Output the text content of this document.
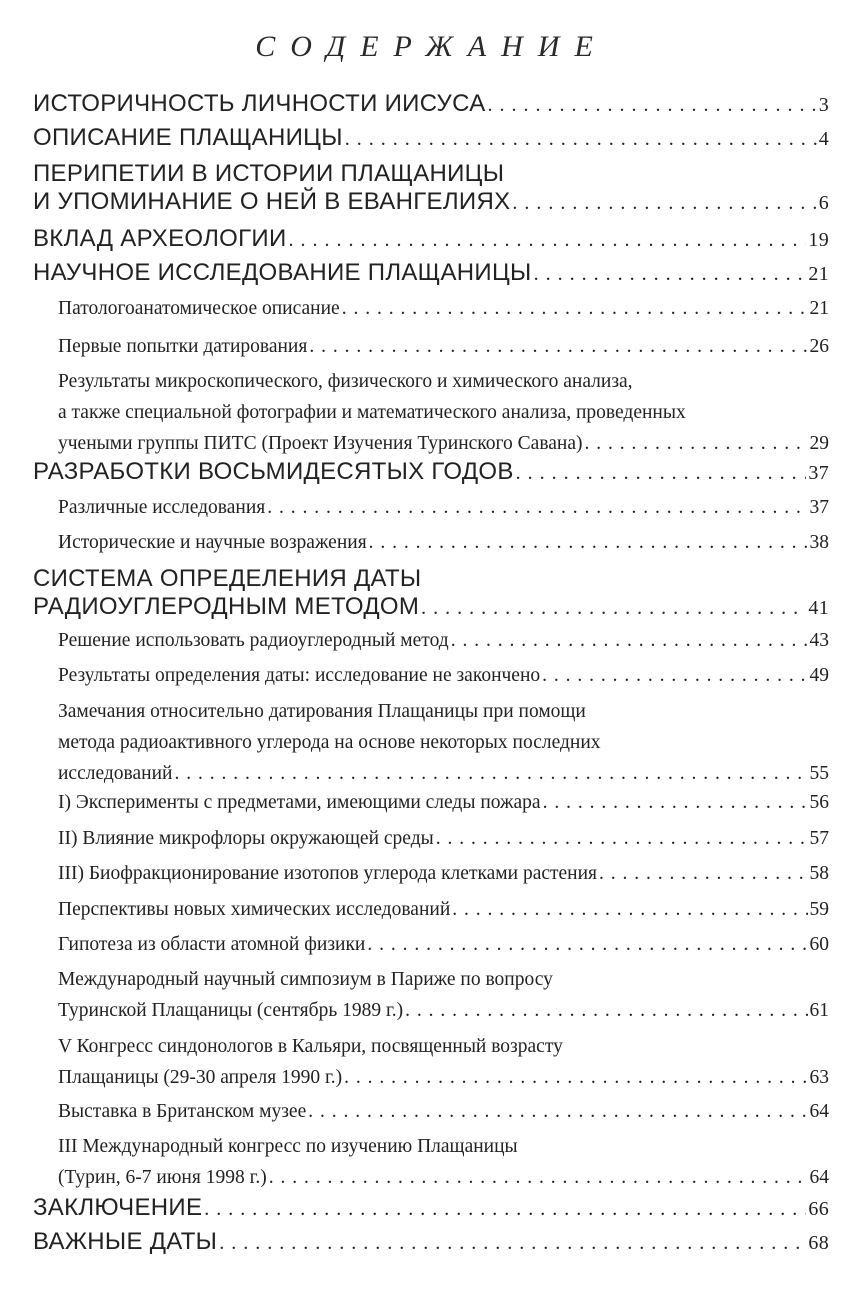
СОДЕРЖАНИЕ
ИСТОРИЧНОСТЬ ЛИЧНОСТИ ИИСУСА . . .	3
ОПИСАНИЕ ПЛАЩАНИЦЫ . . .	4
ПЕРИПЕТИИ В ИСТОРИИ ПЛАЩАНИЦЫ
И УПОМИНАНИЕ О НЕЙ В ЕВАНГЕЛИЯХ . . .	6
ВКЛАД АРХЕОЛОГИИ . . .	19
НАУЧНОЕ ИССЛЕДОВАНИЕ ПЛАЩАНИЦЫ . . .	21
Патологоанатомическое описание . . .	21
Первые попытки датирования . . .	26
Результаты микроскопического, физического и химического анализа,
а также специальной фотографии и математического анализа, проведенных
учеными группы ПИТС (Проект Изучения Туринского Савана) . . .	29
РАЗРАБОТКИ ВОСЬМИДЕСЯТЫХ ГОДОВ . . .	37
Различные исследования . . .	37
Исторические и научные возражения . . .	38
СИСТЕМА ОПРЕДЕЛЕНИЯ ДАТЫ
РАДИОУГЛЕРОДНЫМ МЕТОДОМ . . .	41
Решение использовать радиоуглеродный метод . . .	43
Результаты определения даты: исследование не закончено . . .	49
Замечания относительно датирования Плащаницы при помощи
метода радиоактивного углерода на основе некоторых последних
исследований . . .	55
I) Эксперименты с предметами, имеющими следы пожара . . .	56
II) Влияние микрофлоры окружающей среды . . .	57
III) Биофракционирование изотопов углерода клетками растения . . .	58
Перспективы новых химических исследований . . .	59
Гипотеза из области атомной физики . . .	60
Международный научный симпозиум в Париже по вопросу
Туринской Плащаницы (сентябрь 1989 г.) . . .	61
V Конгресс синдонологов в Кальяри, посвященный возрасту
Плащаницы (29-30 апреля 1990 г.) . . .	63
Выставка в Британском музее . . .	64
III Международный конгресс по изучению Плащаницы
(Турин, 6-7 июня 1998 г.) . . .	64
ЗАКЛЮЧЕНИЕ . . .	66
ВАЖНЫЕ ДАТЫ . . .	68
